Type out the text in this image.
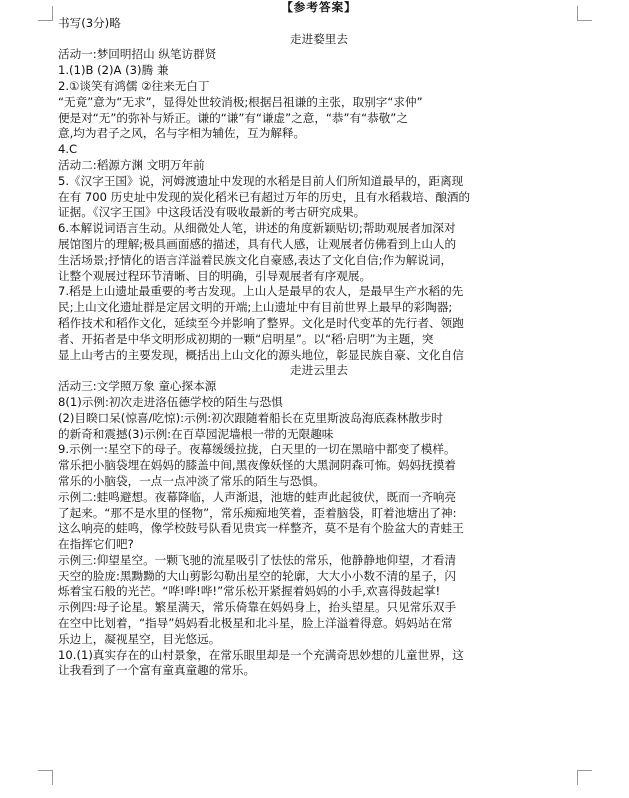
【参考答案】
书写(3分)略
走进婺里去
活动一:梦回明招山 纵笔访群贤
1.(1)B (2)A (3)腾 兼
2.①谈笑有鸿儒 ②往来无白丁
“无竟”意为“无求”，显得处世较消极;根据吕祖谦的主张，取别字“求仲”
便是对“无”的弥补与矫正。谦的“谦”有“谦虚”之意，“恭”有“恭敬”之
意,均为君子之风，名与字相为辅佐，互为解释。
4.C
活动二:稻源方渊 文明万年前
5.《汉字王国》说，河姆渡遗址中发现的水稻是目前人们所知道最早的，距离现
在有 700 历史址中发现的炭化稻米已有超过万年的历史，且有水稻栽培、酿酒的
证据。《汉字王国》中这段话没有吸收最新的考古研究成果。
6.本解说词语言生动。从细微处人笔，讲述的角度新颖贴切;帮助观展者加深对
展馆图片的理解;极具画面感的描述，具有代人感，让观展者仿佛看到上山人的
生活场景;抒情化的语言洋溢着民族文化自豪感,表达了文化自信;作为解说词，
让整个观展过程环节清晰、目的明确，引导观展者有序观展。
7.稻是上山遗址最重要的考古发现。上山人是最早的农人，是最早生产水稻的先
民;上山文化遗址群是定居文明的开端;上山遗址中有目前世界上最早的彩陶器;
稻作技术和稻作文化，延续至今并影响了整界。文化是时代变革的先行者、领跑
者、开拓者是中华文明形成初期的一颗“启明星”。以“稻·启明”为主题，突
显上山考古的主要发现，概括出上山文化的源头地位，彰显民族自豪、文化自信
走进云里去
活动三:文学照万象 童心探本源
8(1)示例:初次走进洛伍德学校的陌生与恐惧
(2)目睽口呆(惊喜/吃惊):示例:初次跟随着船长在克里斯波岛海底森林散步时
的新奇和震撼(3)示例:在百草园泥墙根一带的无限趣味
9.示例一:星空下的母子。夜幕缓缓拉拢，白天里的一切在黑暗中都变了模样。
常乐把小脑袋埋在妈妈的膝盖中间,黑夜像妖怪的大黑洞阴森可怖。妈妈抚摸着
常乐的小脑袋，一点一点冲淡了常乐的陌生与恐惧。
示例二:蛙鸣避想。夜幕降临，人声渐退，池塘的蛙声此起彼伏，既而一齐响亮
了起来。“那不是水里的怪物”，常乐痴痴地笑着，歪着脑袋，盯着池塘出了神:
这么响亮的蛙鸣，像学校鼓号队看见贵宾一样整齐，莫不是有个脸盆大的青蛙王
在指挥它们吧?
示例三:仰望星空。一颗飞驰的流星吸引了怯怯的常乐，他静静地仰望，才看清
天空的脸庞:黑黝黝的大山剪影勾勒出星空的轮廓，大大小小数不清的星子，闪
烁着宝石般的光芒。“哗!哗!哗!”常乐松开紧握着妈妈的小手,欢喜得鼓起掌!
示例四:母子论星。繁星满天，常乐倚靠在妈妈身上，抬头望星。只见常乐双手
在空中比划着，“指导”妈妈看北极星和北斗星，脸上洋溢着得意。妈妈站在常
乐边上，凝视星空，目光悠远。
10.(1)真实存在的山村景象，在常乐眼里却是一个充满奇思妙想的儿童世界，这
让我看到了一个富有童真童趣的常乐。
